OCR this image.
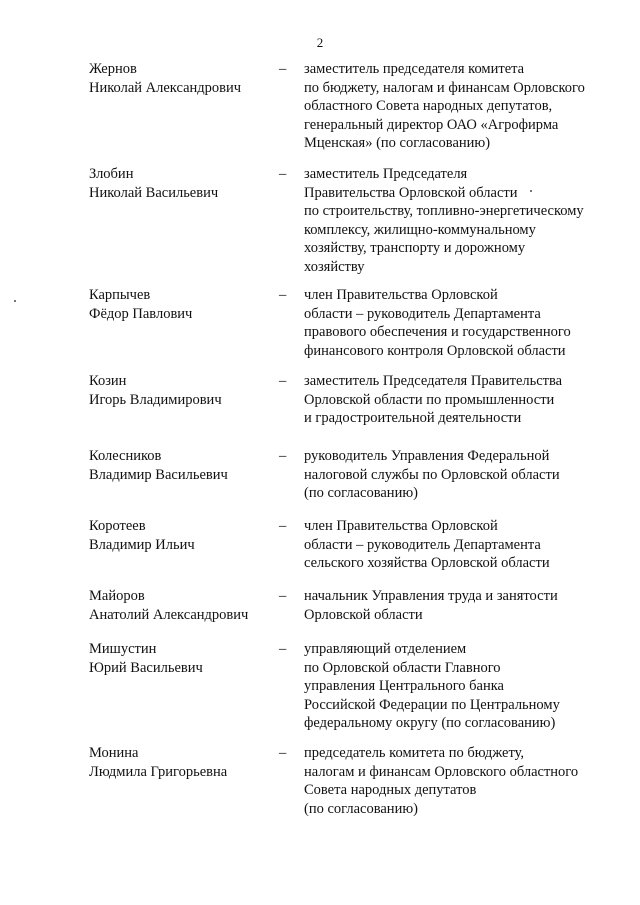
2
Жернов
Николай Александрович
– заместитель председателя комитета
по бюджету, налогам и финансам Орловского
областного Совета народных депутатов,
генеральный директор ОАО «Агрофирма
Мценская» (по согласованию)
Злобин
Николай Васильевич
– заместитель Председателя
Правительства Орловской области
по строительству, топливно-энергетическому
комплексу, жилищно-коммунальному
хозяйству, транспорту и дорожному
хозяйству
Карпычев
Фёдор Павлович
– член Правительства Орловской
области – руководитель Департамента
правового обеспечения и государственного
финансового контроля Орловской области
Козин
Игорь Владимирович
– заместитель Председателя Правительства
Орловской области по промышленности
и градостроительной деятельности
Колесников
Владимир Васильевич
– руководитель Управления Федеральной
налоговой службы по Орловской области
(по согласованию)
Коротеев
Владимир Ильич
– член Правительства Орловской
области – руководитель Департамента
сельского хозяйства Орловской области
Майоров
Анатолий Александрович
– начальник Управления труда и занятости
Орловской области
Мишустин
Юрий Васильевич
– управляющий отделением
по Орловской области Главного
управления Центрального банка
Российской Федерации по Центральному
федеральному округу (по согласованию)
Монина
Людмила Григорьевна
– председатель комитета по бюджету,
налогам и финансам Орловского областного
Совета народных депутатов
(по согласованию)
